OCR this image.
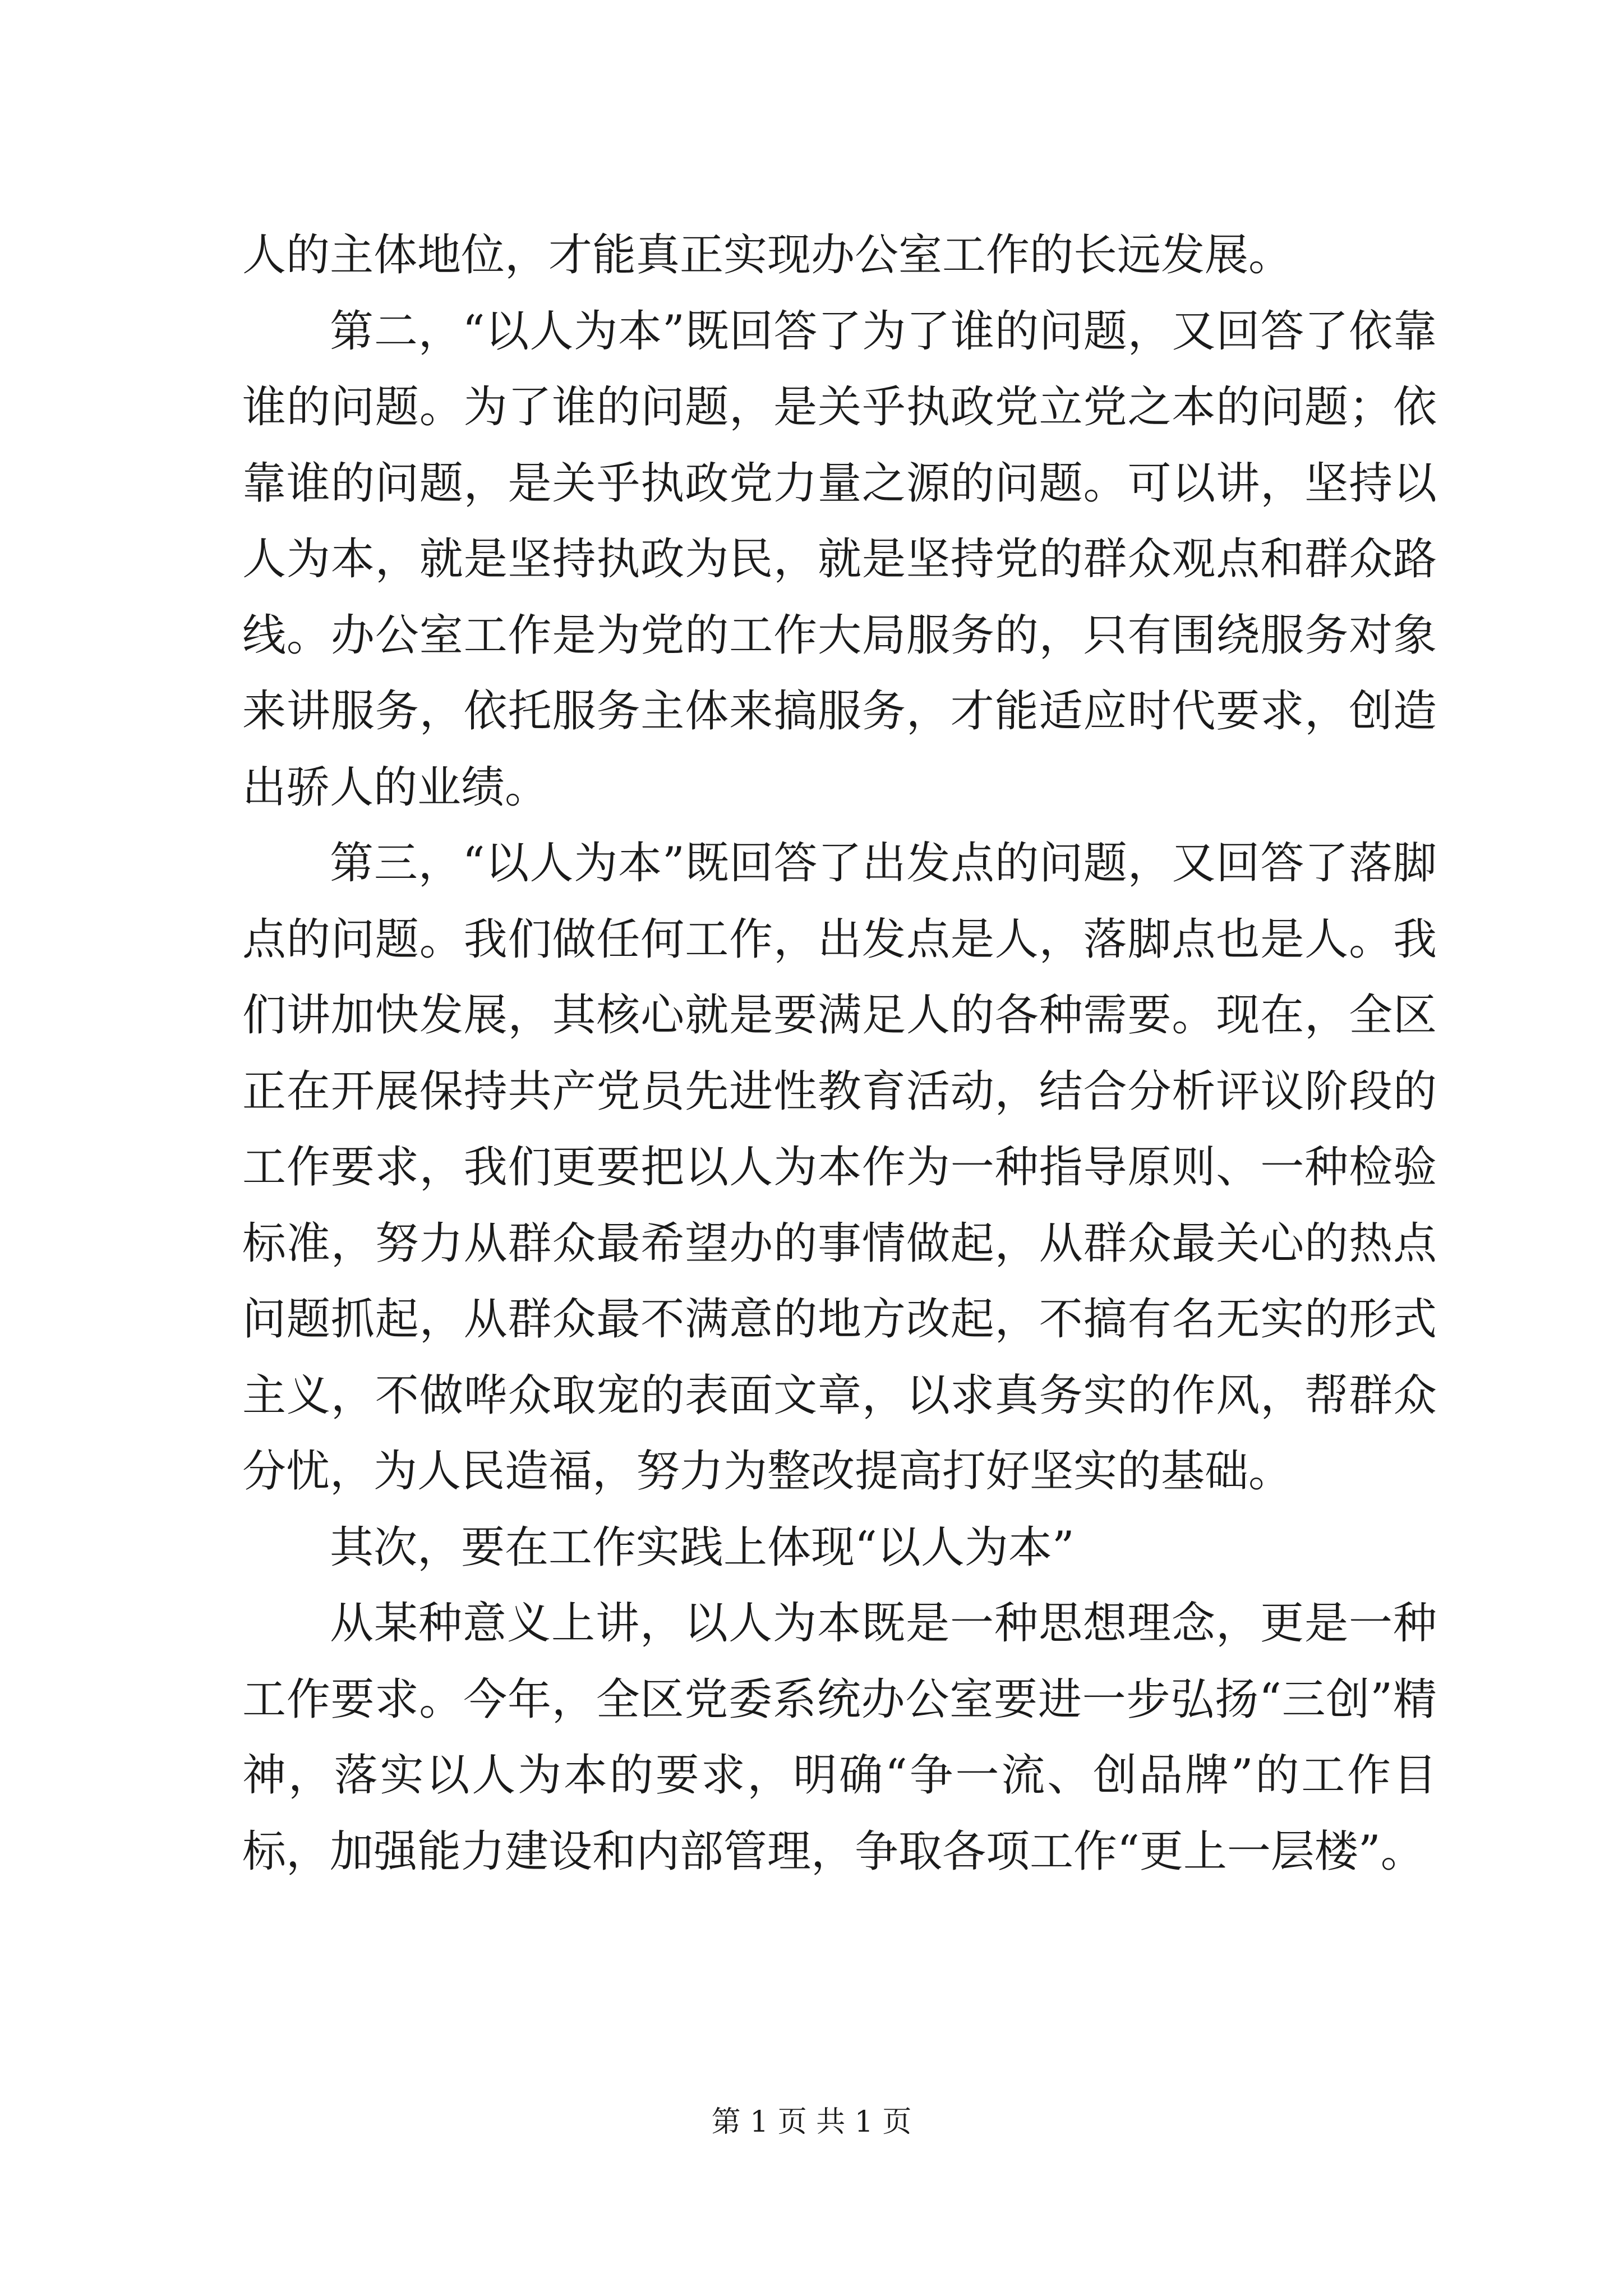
人的主体地位，才能真正实现办公室工作的长远发展。

第二，“以人为本”既回答了为了谁的问题，又回答了依靠谁的问题。为了谁的问题，是关乎执政党立党之本的问题；依靠谁的问题，是关乎执政党力量之源的问题。可以讲，坚持以人为本，就是坚持执政为民，就是坚持党的群众观点和群众路线。办公室工作是为党的工作大局服务的，只有围绕服务对象来讲服务，依托服务主体来搞服务，才能适应时代要求，创造出骄人的业绩。

第三，“以人为本”既回答了出发点的问题，又回答了落脚点的问题。我们做任何工作，出发点是人，落脚点也是人。我们讲加快发展，其核心就是要满足人的各种需要。现在，全区正在开展保持共产党员先进性教育活动，结合分析评议阶段的工作要求，我们更要把以人为本作为一种指导原则、一种检验标准，努力从群众最希望办的事情做起，从群众最关心的热点问题抓起，从群众最不满意的地方改起，不搞有名无实的形式主义，不做哗众取宠的表面文章，以求真务实的作风，帮群众分忧，为人民造福，努力为整改提高打好坚实的基础。

其次，要在工作实践上体现“以人为本”

从某种意义上讲，以人为本既是一种思想理念，更是一种工作要求。今年，全区党委系统办公室要进一步弘扬“三创”精神，落实以人为本的要求，明确“争一流、创品牌”的工作目标，加强能力建设和内部管理，争取各项工作“更上一层楼”。

第 1 页 共 1 页
